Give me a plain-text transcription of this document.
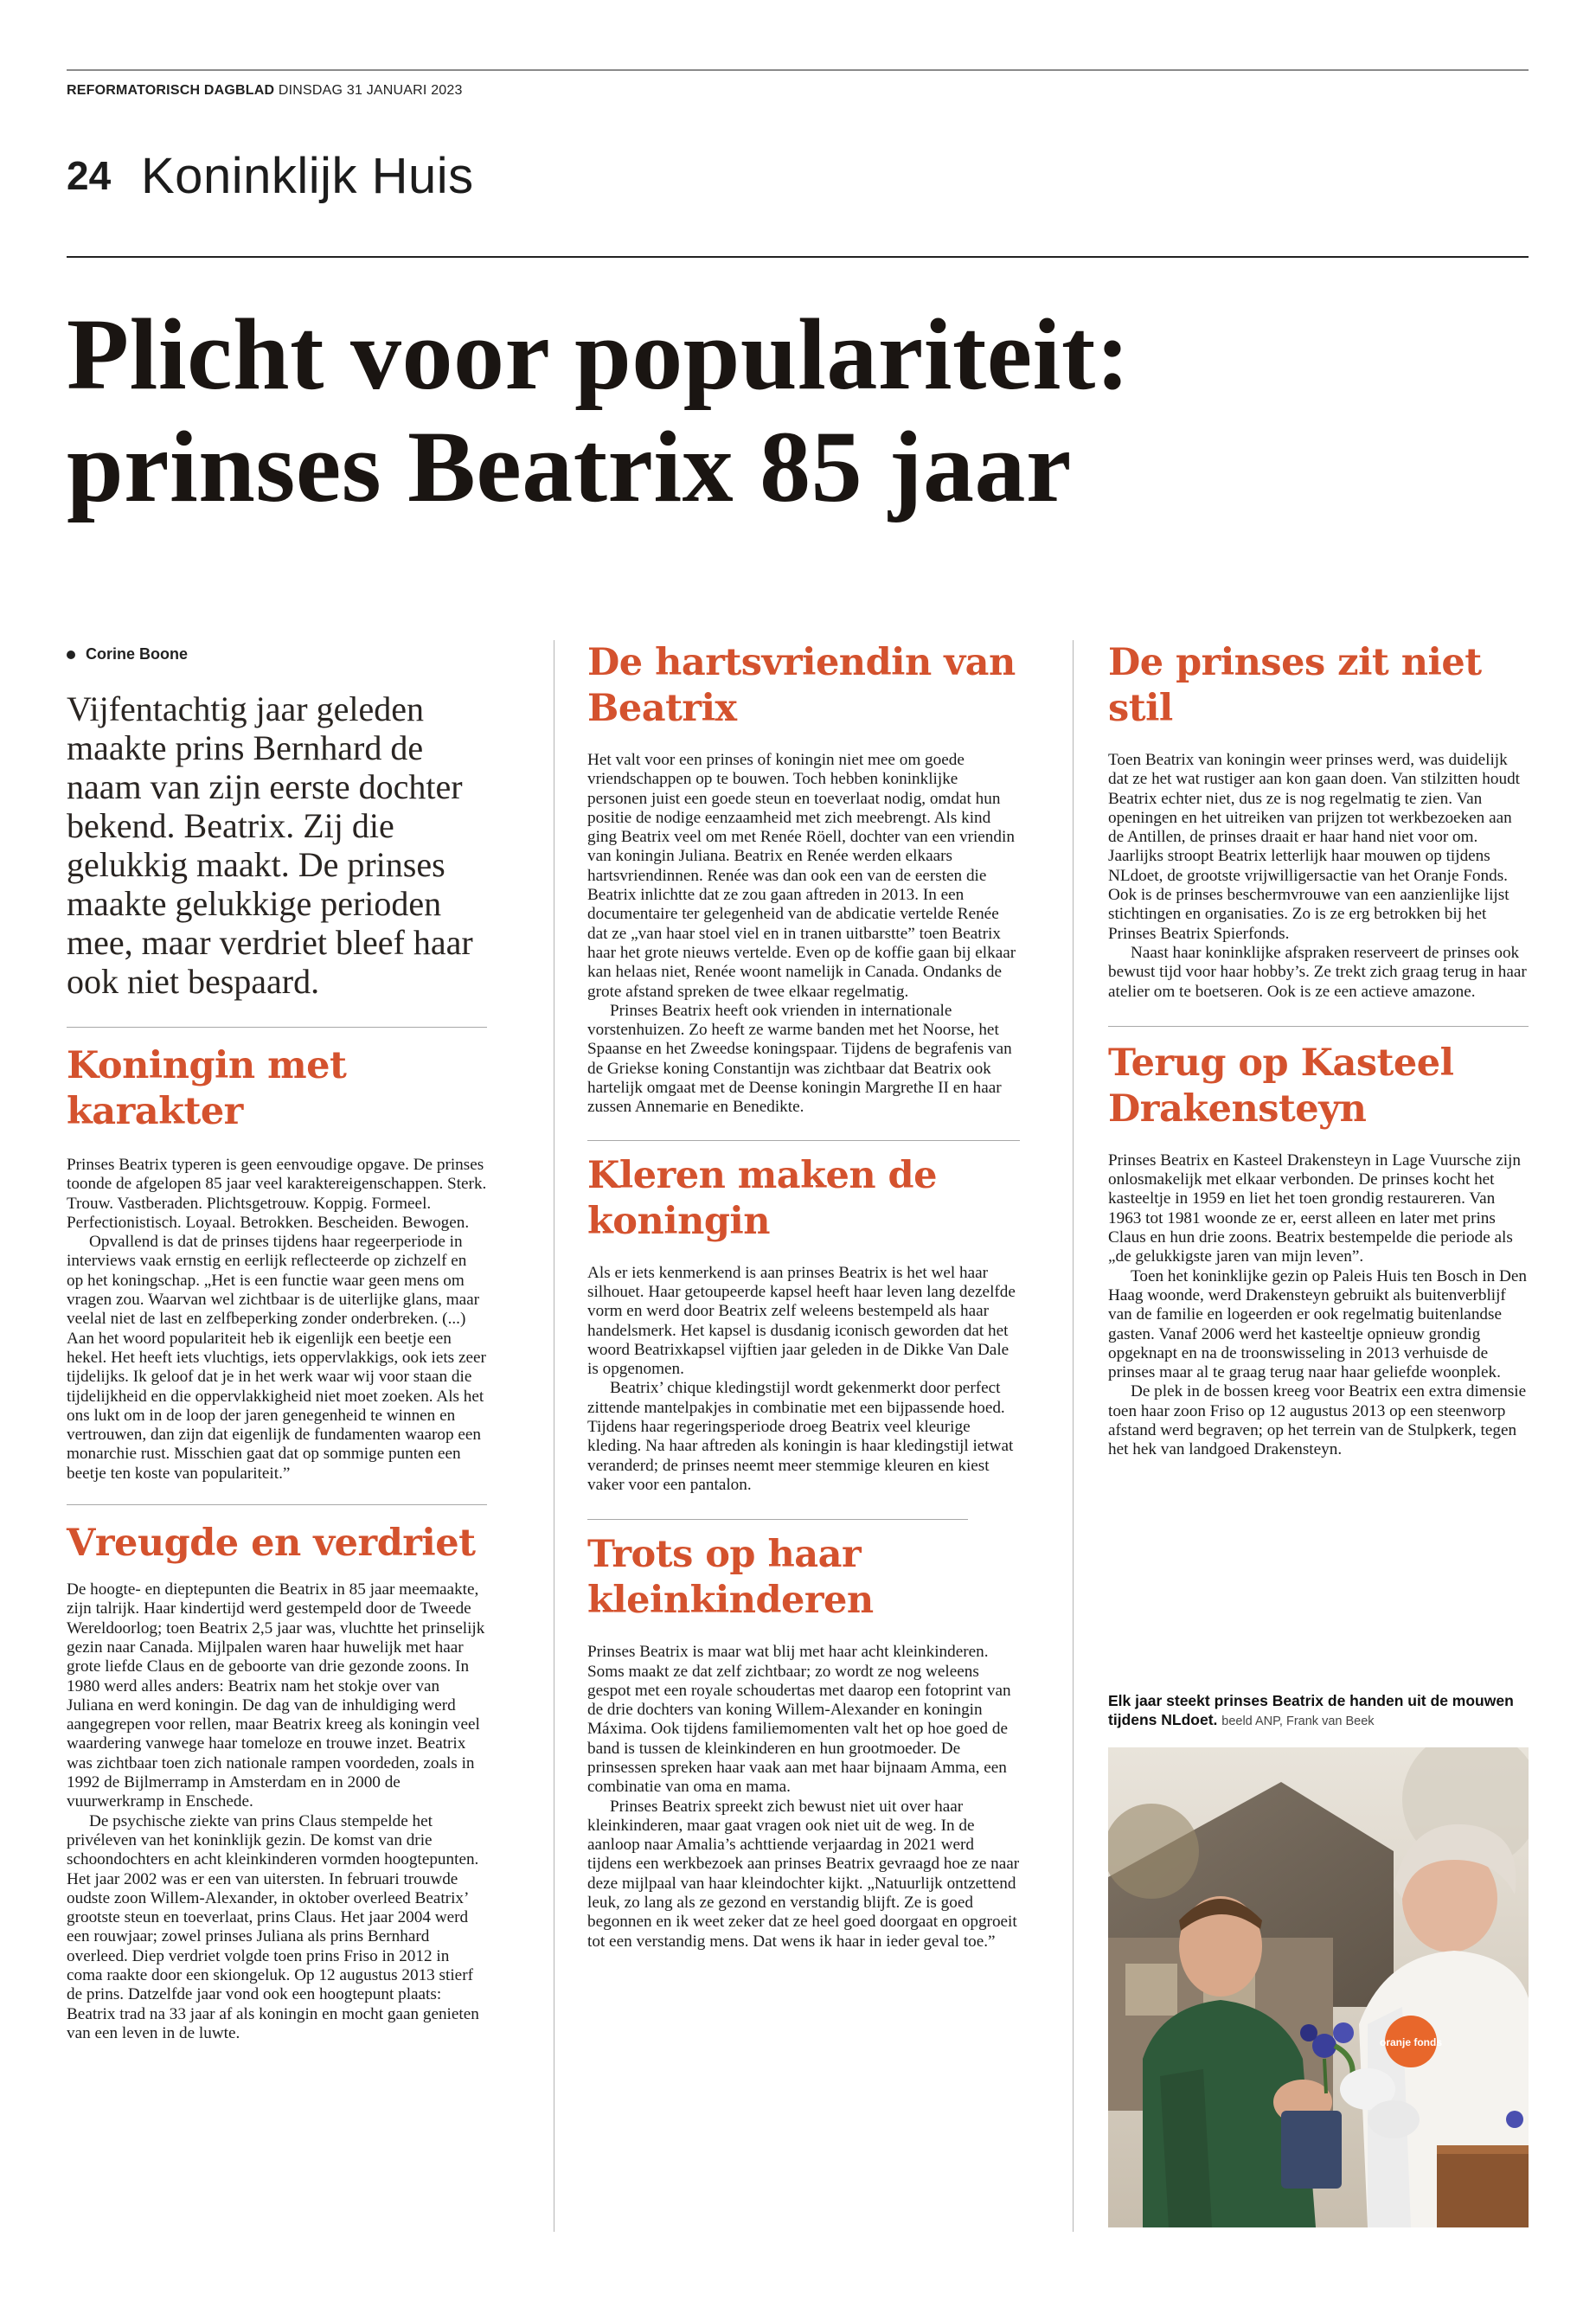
REFORMATORISCH DAGBLAD DINSDAG 31 JANUARI 2023
24 Koninklijk Huis
Plicht voor populariteit:
prinses Beatrix 85 jaar
Corine Boone

Vijfentachtig jaar geleden maakte prins Bernhard de naam van zijn eerste dochter bekend. Beatrix. Zij die gelukkig maakt. De prinses maakte gelukkige perioden mee, maar verdriet bleef haar ook niet bespaard.

Koningin met karakter

Prinses Beatrix typeren is geen eenvoudige opgave. De prinses toonde de afgelopen 85 jaar veel karaktereigenschappen. Sterk. Trouw. Vastberaden. Plichtsgetrouw. Koppig. Formeel. Perfectionistisch. Loyaal. Betrokken. Bescheiden. Bewogen.

Opvallend is dat de prinses tijdens haar regeerperiode in interviews vaak ernstig en eerlijk reflecteerde op zichzelf en op het koningschap. „Het is een functie waar geen mens om vragen zou. Waarvan wel zichtbaar is de uiterlijke glans, maar veelal niet de last en zelfbeperking zonder onderbreken. (...) Aan het woord populariteit heb ik eigenlijk een beetje een hekel. Het heeft iets vluchtigs, iets oppervlakkigs, ook iets zeer tijdelijks. Ik geloof dat je in het werk waar wij voor staan die tijdelijkheid en die oppervlakkigheid niet moet zoeken. Als het ons lukt om in de loop der jaren genegenheid te winnen en vertrouwen, dan zijn dat eigenlijk de fundamenten waarop een monarchie rust. Misschien gaat dat op sommige punten een beetje ten koste van populariteit.”

Vreugde en verdriet

De hoogte- en dieptepunten die Beatrix in 85 jaar meemaakte, zijn talrijk. Haar kindertijd werd gestempeld door de Tweede Wereldoorlog; toen Beatrix 2,5 jaar was, vluchtte het prinselijk gezin naar Canada. Mijlpalen waren haar huwelijk met haar grote liefde Claus en de geboorte van drie gezonde zoons. In 1980 werd alles anders: Beatrix nam het stokje over van Juliana en werd koningin. De dag van de inhuldiging werd aangegrepen voor rellen, maar Beatrix kreeg als koningin veel waardering vanwege haar tomeloze en trouwe inzet. Beatrix was zichtbaar toen zich nationale rampen voordeden, zoals in 1992 de Bijlmerramp in Amsterdam en in 2000 de vuurwerkramp in Enschede.

De psychische ziekte van prins Claus stempelde het privéleven van het koninklijk gezin. De komst van drie schoondochters en acht kleinkinderen vormden hoogtepunten. Het jaar 2002 was er een van uitersten. In februari trouwde oudste zoon Willem-Alexander, in oktober overleed Beatrix’ grootste steun en toeverlaat, prins Claus. Het jaar 2004 werd een rouwjaar; zowel prinses Juliana als prins Bernhard overleed. Diep verdriet volgde toen prins Friso in 2012 in coma raakte door een skiongeluk. Op 12 augustus 2013 stierf de prins. Datzelfde jaar vond ook een hoogtepunt plaats: Beatrix trad na 33 jaar af als koningin en mocht gaan genieten van een leven in de luwte.

De hartsvriendin van Beatrix

Het valt voor een prinses of koningin niet mee om goede vriendschappen op te bouwen. Toch hebben koninklijke personen juist een goede steun en toeverlaat nodig, omdat hun positie de nodige eenzaamheid met zich meebrengt. Als kind ging Beatrix veel om met Renée Röell, dochter van een vriendin van koningin Juliana. Beatrix en Renée werden elkaars hartsvriendinnen. Renée was dan ook een van de eersten die Beatrix inlichtte dat ze zou gaan aftreden in 2013. In een documentaire ter gelegenheid van de abdicatie vertelde Renée dat ze „van haar stoel viel en in tranen uitbarstte” toen Beatrix haar het grote nieuws vertelde. Even op de koffie gaan bij elkaar kan helaas niet, Renée woont namelijk in Canada. Ondanks de grote afstand spreken de twee elkaar regelmatig.

Prinses Beatrix heeft ook vrienden in internationale vorstenhuizen. Zo heeft ze warme banden met het Noorse, het Spaanse en het Zweedse koningspaar. Tijdens de begrafenis van de Griekse koning Constantijn was zichtbaar dat Beatrix ook hartelijk omgaat met de Deense koningin Margrethe II en haar zussen Annemarie en Benedikte.

Kleren maken de koningin

Als er iets kenmerkend is aan prinses Beatrix is het wel haar silhouet. Haar getoupeerde kapsel heeft haar leven lang dezelfde vorm en werd door Beatrix zelf weleens bestempeld als haar handelsmerk. Het kapsel is dusdanig iconisch geworden dat het woord Beatrixkapsel vijftien jaar geleden in de Dikke Van Dale is opgenomen.

Beatrix’ chique kledingstijl wordt gekenmerkt door perfect zittende mantelpakjes in combinatie met een bijpassende hoed. Tijdens haar regeringsperiode droeg Beatrix veel kleurige kleding. Na haar aftreden als koningin is haar kledingstijl ietwat veranderd; de prinses neemt meer stemmige kleuren en kiest vaker voor een pantalon.

Trots op haar kleinkinderen

Prinses Beatrix is maar wat blij met haar acht kleinkinderen. Soms maakt ze dat zelf zichtbaar; zo wordt ze nog weleens gespot met een royale schoudertas met daarop een fotoprint van de drie dochters van koning Willem-Alexander en koningin Máxima. Ook tijdens familiemomenten valt het op hoe goed de band is tussen de kleinkinderen en hun grootmoeder. De prinsessen spreken haar vaak aan met haar bijnaam Amma, een combinatie van oma en mama.

Prinses Beatrix spreekt zich bewust niet uit over haar kleinkinderen, maar gaat vragen ook niet uit de weg. In de aanloop naar Amalia’s achttiende verjaardag in 2021 werd tijdens een werkbezoek aan prinses Beatrix gevraagd hoe ze naar deze mijlpaal van haar kleindochter kijkt. „Natuurlijk ontzettend leuk, zo lang als ze gezond en verstandig blijft. Ze is goed begonnen en ik weet zeker dat ze heel goed doorgaat en opgroeit tot een verstandig mens. Dat wens ik haar in ieder geval toe.”

De prinses zit niet stil

Toen Beatrix van koningin weer prinses werd, was duidelijk dat ze het wat rustiger aan kon gaan doen. Van stilzitten houdt Beatrix echter niet, dus ze is nog regelmatig te zien. Van openingen en het uitreiken van prijzen tot werkbezoeken aan de Antillen, de prinses draait er haar hand niet voor om. Jaarlijks stroopt Beatrix letterlijk haar mouwen op tijdens NLdoet, de grootste vrijwilligersactie van het Oranje Fonds. Ook is de prinses beschermvrouwe van een aanzienlijke lijst stichtingen en organisaties. Zo is ze erg betrokken bij het Prinses Beatrix Spierfonds.

Naast haar koninklijke afspraken reserveert de prinses ook bewust tijd voor haar hobby’s. Ze trekt zich graag terug in haar atelier om te boetseren. Ook is ze een actieve amazone.

Terug op Kasteel Drakensteyn

Prinses Beatrix en Kasteel Drakensteyn in Lage Vuursche zijn onlosmakelijk met elkaar verbonden. De prinses kocht het kasteeltje in 1959 en liet het toen grondig restaureren. Van 1963 tot 1981 woonde ze er, eerst alleen en later met prins Claus en hun drie zoons. Beatrix bestempelde die periode als „de gelukkigste jaren van mijn leven”.

Toen het koninklijke gezin op Paleis Huis ten Bosch in Den Haag woonde, werd Drakensteyn gebruikt als buitenverblijf van de familie en logeerden er ook regelmatig buitenlandse gasten. Vanaf 2006 werd het kasteeltje opnieuw grondig opgeknapt en na de troonswisseling in 2013 verhuisde de prinses maar al te graag terug naar haar geliefde woonplek.

De plek in de bossen kreeg voor Beatrix een extra dimensie toen haar zoon Friso op 12 augustus 2013 op een steenworp afstand werd begraven; op het terrein van de Stulpkerk, tegen het hek van landgoed Drakensteyn.

Elk jaar steekt prinses Beatrix de handen uit de mouwen tijdens NLdoet. beeld ANP, Frank van Beek
oranje fonds
